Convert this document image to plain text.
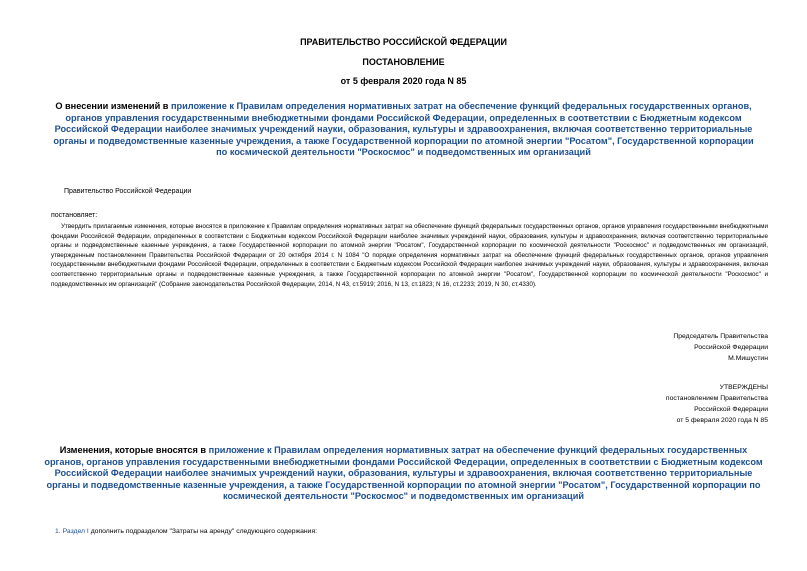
ПРАВИТЕЛЬСТВО РОССИЙСКОЙ ФЕДЕРАЦИИ
ПОСТАНОВЛЕНИЕ
от 5 февраля 2020 года N 85
О внесении изменений в приложение к Правилам определения нормативных затрат на обеспечение функций федеральных государственных органов, органов управления государственными внебюджетными фондами Российской Федерации, определенных в соответствии с Бюджетным кодексом Российской Федерации наиболее значимых учреждений науки, образования, культуры и здравоохранения, включая соответственно территориальные органы и подведомственные казенные учреждения, а также Государственной корпорации по атомной энергии "Росатом", Государственной корпорации по космической деятельности "Роскосмос" и подведомственных им организаций
Правительство Российской Федерации
постановляет:
Утвердить прилагаемые изменения, которые вносятся в приложение к Правилам определения нормативных затрат на обеспечение функций федеральных государственных органов, органов управления государственными внебюджетными фондами Российской Федерации, определенных в соответствии с Бюджетным кодексом Российской Федерации наиболее значимых учреждений науки, образования, культуры и здравоохранения, включая соответственно территориальные органы и подведомственные казенные учреждения, а также Государственной корпорации по атомной энергии "Росатом", Государственной корпорации по космической деятельности "Роскосмос" и подведомственных им организаций, утвержденным постановлением Правительства Российской Федерации от 20 октября 2014 г. N 1084 "О порядке определения нормативных затрат на обеспечение функций федеральных государственных органов, органов управления государственными внебюджетными фондами Российской Федерации, определенных в соответствии с Бюджетным кодексом Российской Федерации наиболее значимых учреждений науки, образования, культуры и здравоохранения, включая соответственно территориальные органы и подведомственные казенные учреждения, а также Государственной корпорации по атомной энергии "Росатом", Государственной корпорации по космической деятельности "Роскосмос" и подведомственных им организаций" (Собрание законодательства Российской Федерации, 2014, N 43, ст.5919; 2016, N 13, ст.1823; N 16, ст.2233; 2019, N 30, ст.4330).
Председатель Правительства
Российской Федерации
М.Мишустин
УТВЕРЖДЕНЫ
постановлением Правительства
Российской Федерации
от 5 февраля 2020 года N 85
Изменения, которые вносятся в приложение к Правилам определения нормативных затрат на обеспечение функций федеральных государственных органов, органов управления государственными внебюджетными фондами Российской Федерации, определенных в соответствии с Бюджетным кодексом Российской Федерации наиболее значимых учреждений науки, образования, культуры и здравоохранения, включая соответственно территориальные органы и подведомственные казенные учреждения, а также Государственной корпорации по атомной энергии "Росатом", Государственной корпорации по космической деятельности "Роскосмос" и подведомственных им организаций
1. Раздел I дополнить подразделом "Затраты на аренду" следующего содержания:
